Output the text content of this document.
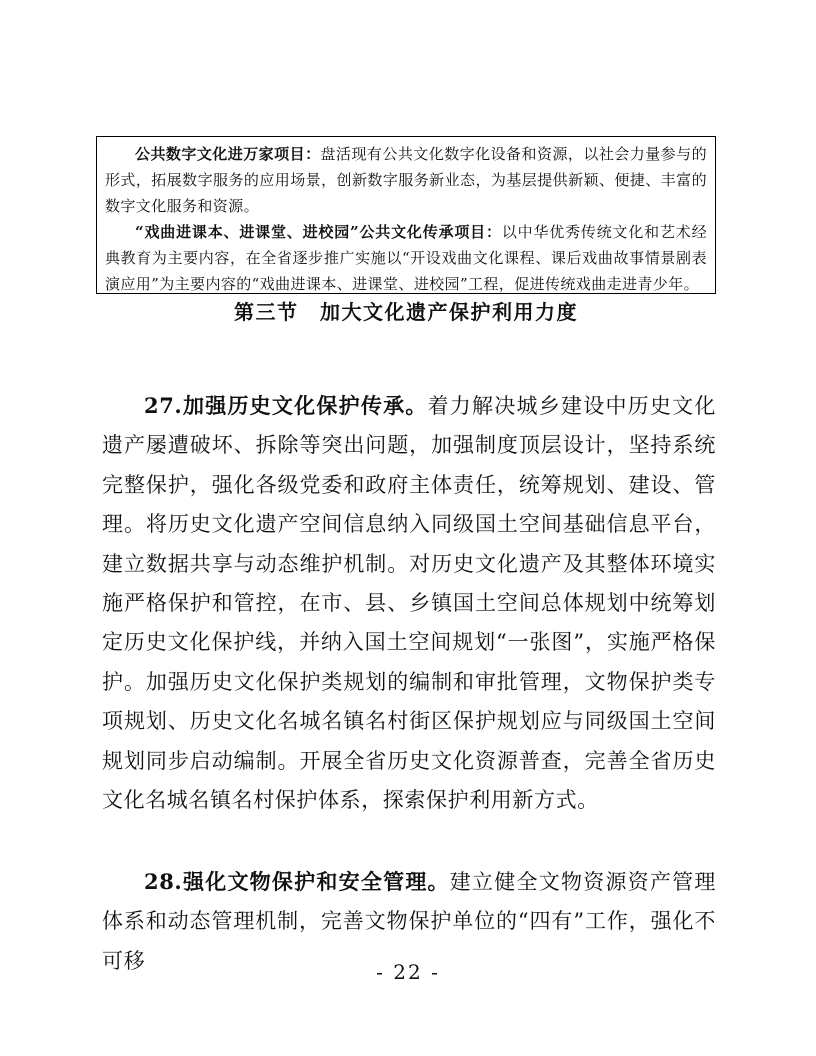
公共数字文化进万家项目：盘活现有公共文化数字化设备和资源，以社会力量参与的形式，拓展数字服务的应用场景，创新数字服务新业态，为基层提供新颖、便捷、丰富的数字文化服务和资源。

“戏曲进课本、进课堂、进校园”公共文化传承项目：以中华优秀传统文化和艺术经典教育为主要内容，在全省逐步推广实施以“开设戏曲文化课程、课后戏曲故事情景剧表演应用”为主要内容的“戏曲进课本、进课堂、进校园”工程，促进传统戏曲走进青少年。

第三节　加大文化遗产保护利用力度

27.加强历史文化保护传承。着力解决城乡建设中历史文化遗产屡遭破坏、拆除等突出问题，加强制度顶层设计，坚持系统完整保护，强化各级党委和政府主体责任，统筹规划、建设、管理。将历史文化遗产空间信息纳入同级国土空间基础信息平台，建立数据共享与动态维护机制。对历史文化遗产及其整体环境实施严格保护和管控，在市、县、乡镇国土空间总体规划中统筹划定历史文化保护线，并纳入国土空间规划“一张图”，实施严格保护。加强历史文化保护类规划的编制和审批管理，文物保护类专项规划、历史文化名城名镇名村街区保护规划应与同级国土空间规划同步启动编制。开展全省历史文化资源普查，完善全省历史文化名城名镇名村保护体系，探索保护利用新方式。

28.强化文物保护和安全管理。建立健全文物资源资产管理体系和动态管理机制，完善文物保护单位的“四有”工作，强化不可移	- 22 -
